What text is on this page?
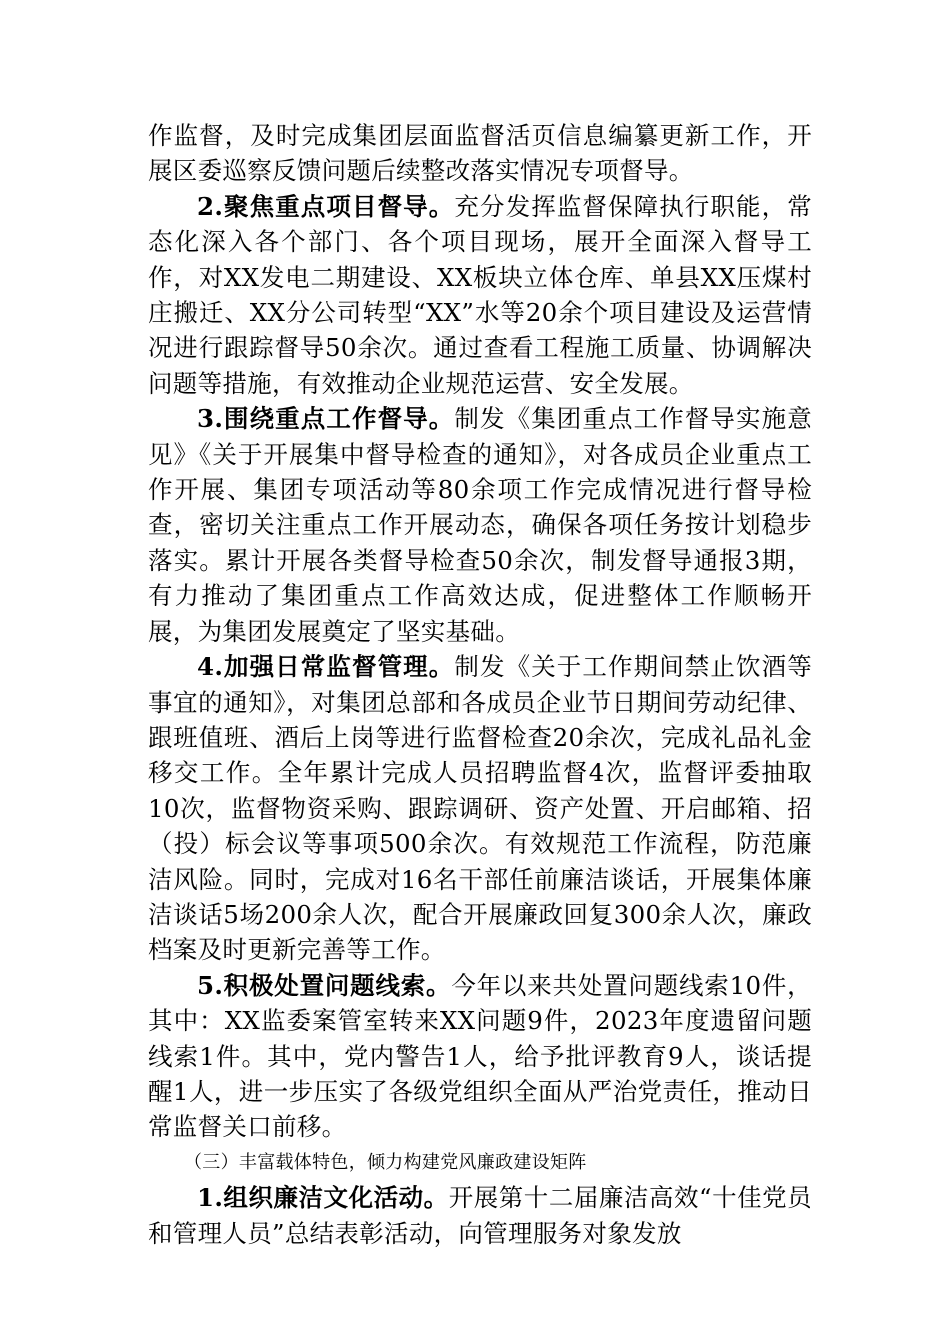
作监督，及时完成集团层面监督活页信息编纂更新工作，开展区委巡察反馈问题后续整改落实情况专项督导。

2.聚焦重点项目督导。充分发挥监督保障执行职能，常态化深入各个部门、各个项目现场，展开全面深入督导工作，对XX发电二期建设、XX板块立体仓库、单县XX压煤村庄搬迁、XX分公司转型“XX”水等20余个项目建设及运营情况进行跟踪督导50余次。通过查看工程施工质量、协调解决问题等措施，有效推动企业规范运营、安全发展。

3.围绕重点工作督导。制发《集团重点工作督导实施意见》《关于开展集中督导检查的通知》，对各成员企业重点工作开展、集团专项活动等80余项工作完成情况进行督导检查，密切关注重点工作开展动态，确保各项任务按计划稳步落实。累计开展各类督导检查50余次，制发督导通报3期，有力推动了集团重点工作高效达成，促进整体工作顺畅开展，为集团发展奠定了坚实基础。

4.加强日常监督管理。制发《关于工作期间禁止饮酒等事宜的通知》，对集团总部和各成员企业节日期间劳动纪律、跟班值班、酒后上岗等进行监督检查20余次，完成礼品礼金移交工作。全年累计完成人员招聘监督4次，监督评委抽取10次，监督物资采购、跟踪调研、资产处置、开启邮箱、招（投）标会议等事项500余次。有效规范工作流程，防范廉洁风险。同时，完成对16名干部任前廉洁谈话，开展集体廉洁谈话5场200余人次，配合开展廉政回复300余人次，廉政档案及时更新完善等工作。

5.积极处置问题线索。今年以来共处置问题线索10件，其中：XX监委案管室转来XX问题9件，2023年度遗留问题线索1件。其中，党内警告1人，给予批评教育9人，谈话提醒1人，进一步压实了各级党组织全面从严治党责任，推动日常监督关口前移。

（三）丰富载体特色，倾力构建党风廉政建设矩阵

1.组织廉洁文化活动。开展第十二届廉洁高效“十佳党员和管理人员”总结表彰活动，向管理服务对象发放
